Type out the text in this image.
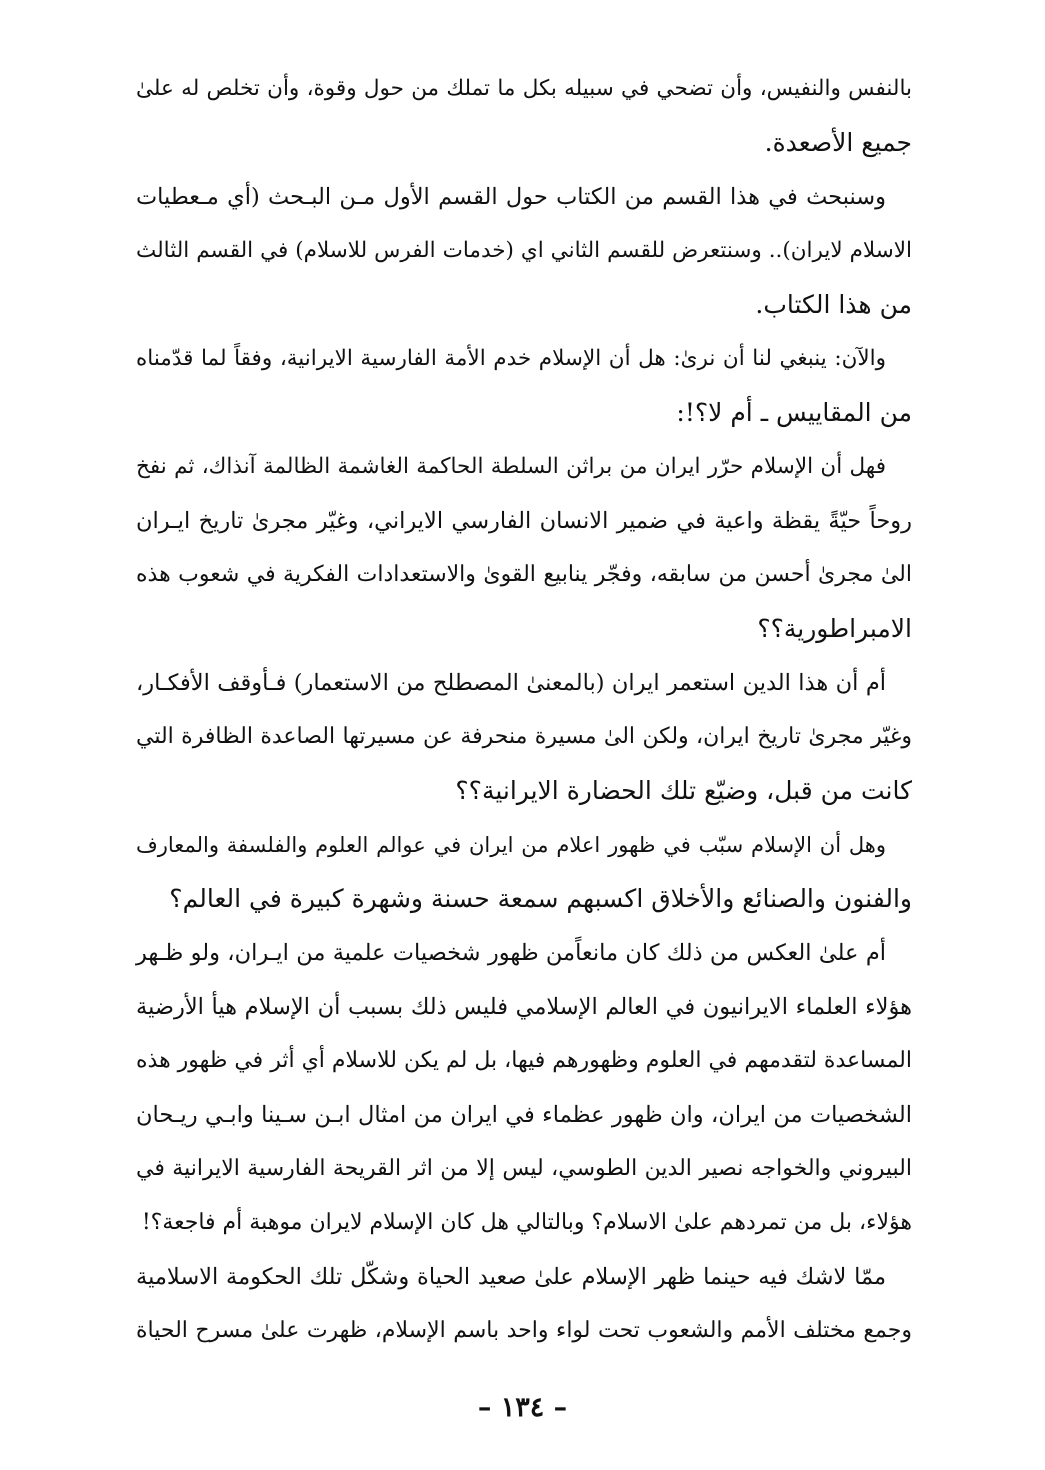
بالنفس والنفيس، وأن تضحي في سبيله بكل ما تملك من حول وقوة، وأن تخلص له علىٰ
جميع الأصعدة.
وسنبحث في هذا القسم من الكتاب حول القسم الأول مـن البـحث (أي مـعطيات
الاسلام لايران).. وسنتعرض للقسم الثاني اي (خدمات الفرس للاسلام) في القسم الثالث
من هذا الكتاب.
والآن: ينبغي لنا أن نرىٰ: هل أن الإسلام خدم الأمة الفارسية الايرانية، وفقاً لما قدّمناه
من المقاييس ـ أم لا؟!:
فهل أن الإسلام حرّر ايران من براثن السلطة الحاكمة الغاشمة الظالمة آنذاك، ثم نفخ
روحاً حيّةً يقظة واعية في ضمير الانسان الفارسي الايراني، وغيّر مجرىٰ تاريخ ايـران
الىٰ مجرىٰ أحسن من سابقه، وفجّر ينابيع القوىٰ والاستعدادات الفكرية في شعوب هذه
الامبراطورية؟؟
أم أن هذا الدين استعمر ايران (بالمعنىٰ المصطلح من الاستعمار) فـأوقف الأفكـار،
وغيّر مجرىٰ تاريخ ايران، ولكن الىٰ مسيرة منحرفة عن مسيرتها الصاعدة الظافرة التي
كانت من قبل، وضيّع تلك الحضارة الايرانية؟؟
وهل أن الإسلام سبّب في ظهور اعلام من ايران في عوالم العلوم والفلسفة والمعارف
والفنون والصنائع والأخلاق اكسبهم سمعة حسنة وشهرة كبيرة في العالم؟
أم علىٰ العكس من ذلك كان مانعاًمن ظهور شخصيات علمية من ايـران، ولو ظـهر
هؤلاء العلماء الايرانيون في العالم الإسلامي فليس ذلك بسبب أن الإسلام هيأ الأرضية
المساعدة لتقدمهم في العلوم وظهورهم فيها، بل لم يكن للاسلام أي أثر في ظهور هذه
الشخصيات من ايران، وان ظهور عظماء في ايران من امثال ابـن سـينا وابـي ريـحان
البيروني والخواجه نصير الدين الطوسي، ليس إلا من اثر القريحة الفارسية الايرانية في
هؤلاء، بل من تمردهم علىٰ الاسلام؟ وبالتالي هل كان الإسلام لايران موهبة أم فاجعة؟!
ممّا لاشك فيه حينما ظهر الإسلام علىٰ صعيد الحياة وشكّل تلك الحكومة الاسلامية
وجمع مختلف الأمم والشعوب تحت لواء واحد باسم الإسلام، ظهرت علىٰ مسرح الحياة
– ١٣٤ –
